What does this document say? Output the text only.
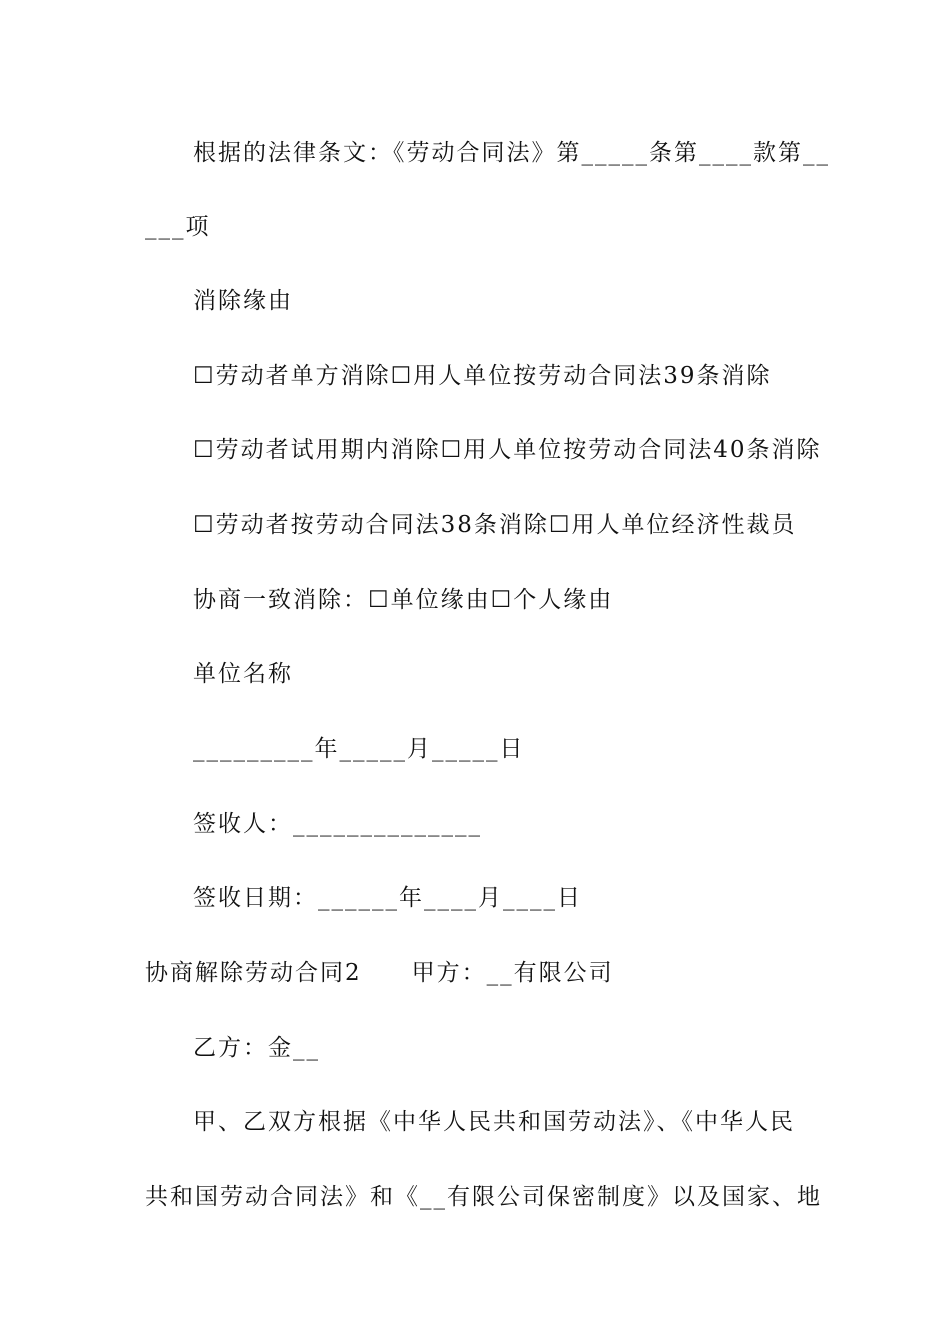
根据的法律条文：《劳动合同法》第_____条第____款第__
___项
消除缘由
☐劳动者单方消除☐用人单位按劳动合同法39条消除
☐劳动者试用期内消除☐用人单位按劳动合同法40条消除
☐劳动者按劳动合同法38条消除☐用人单位经济性裁员
协商一致消除：☐单位缘由☐个人缘由
单位名称
_________年_____月_____日
签收人：______________
签收日期：______年____月____日
协商解除劳动合同2　　甲方：__有限公司
乙方：金__
甲、乙双方根据《中华人民共和国劳动法》、《中华人民
共和国劳动合同法》和《__有限公司保密制度》以及国家、地
